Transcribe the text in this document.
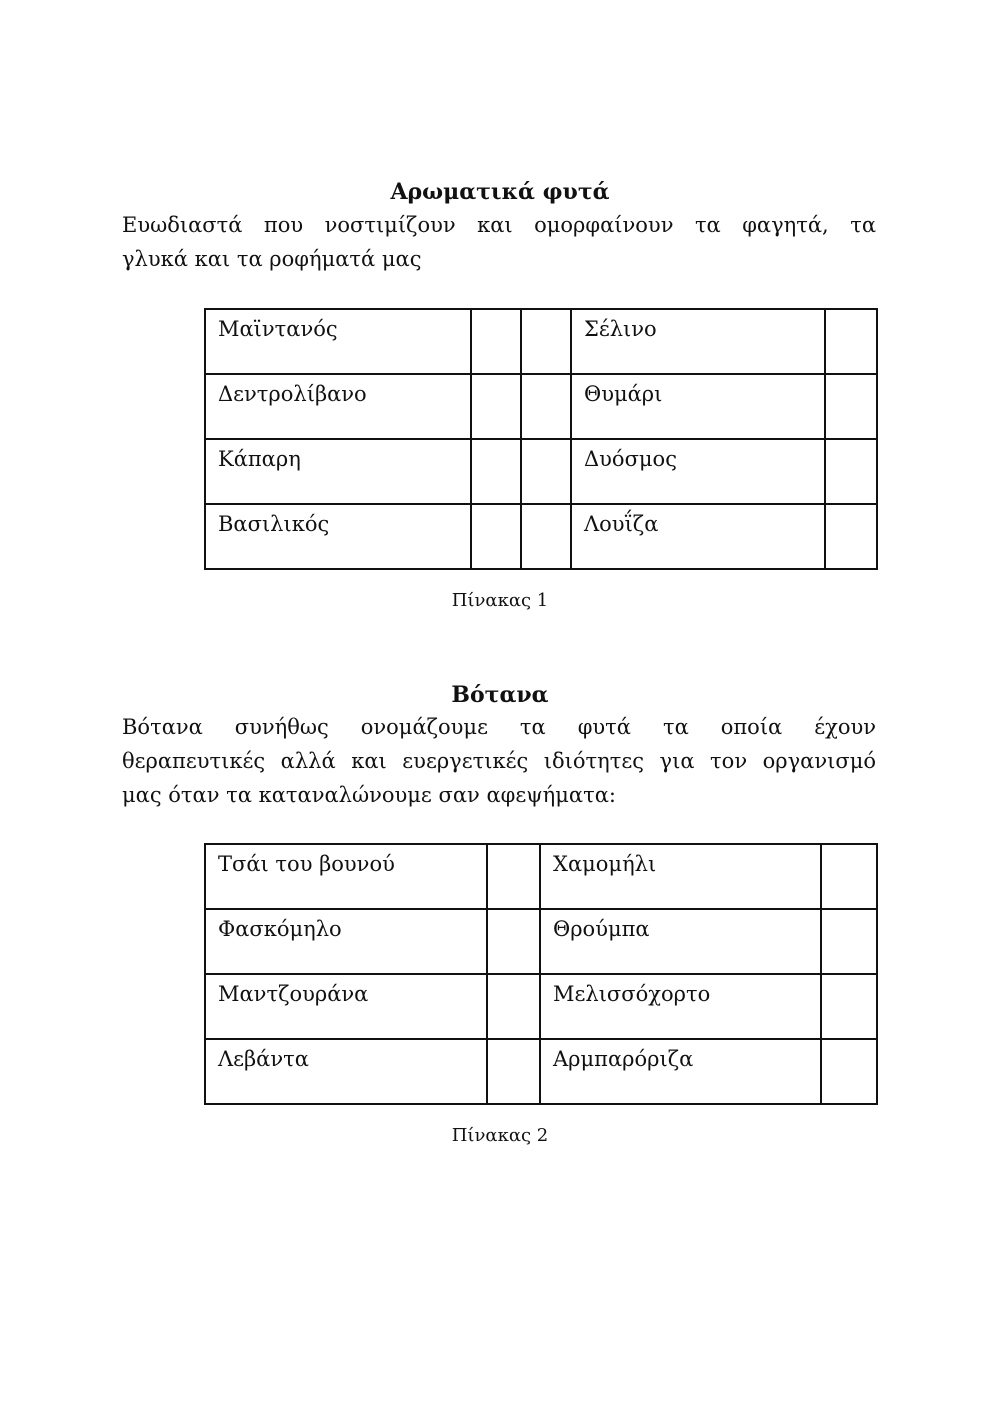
Αρωματικά φυτά
Ευωδιαστά που νοστιμίζουν και ομορφαίνουν τα φαγητά, τα
γλυκά και τα ροφήματά μας
Μαϊντανός			Σέλινο	

Δεντρολίβανο			Θυμάρι	

Κάπαρη			Δυόσμος	

Βασιλικός			Λουΐζα	

Πίνακας 1
Βότανα
Βότανα συνήθως ονομάζουμε τα φυτά τα οποία έχουν
θεραπευτικές αλλά και ευεργετικές ιδιότητες για τον οργανισμό
μας όταν τα καταναλώνουμε σαν αφεψήματα:
Τσάι του βουνού		Χαμομήλι	

Φασκόμηλο		Θρούμπα	

Μαντζουράνα		Μελισσόχορτο	

Λεβάντα		Αρμπαρόριζα	

Πίνακας 2
